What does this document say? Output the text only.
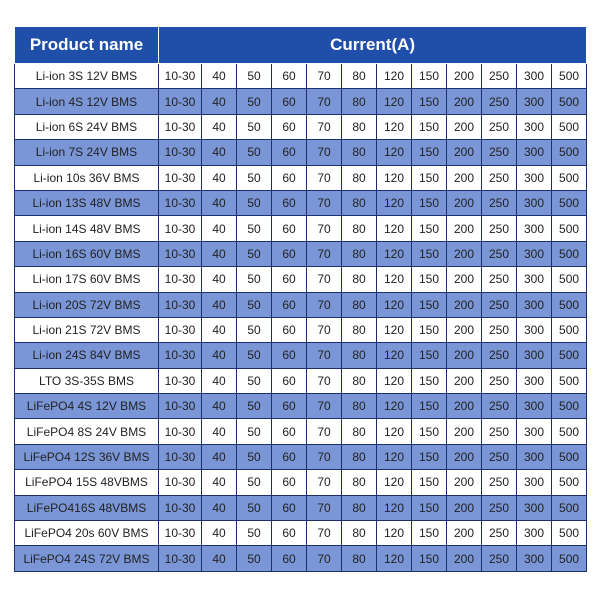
Product name	Current(A)											
Li-ion 3S 12V BMS	10-30	40	50	60	70	80	120	150	200	250	300	500
Li-ion 4S 12V BMS	10-30	40	50	60	70	80	120	150	200	250	300	500
Li-ion 6S 24V BMS	10-30	40	50	60	70	80	120	150	200	250	300	500
Li-ion 7S 24V BMS	10-30	40	50	60	70	80	120	150	200	250	300	500
Li-ion 10s 36V BMS	10-30	40	50	60	70	80	120	150	200	250	300	500
Li-ion 13S 48V BMS	10-30	40	50	60	70	80	120	150	200	250	300	500
Li-ion 14S 48V BMS	10-30	40	50	60	70	80	120	150	200	250	300	500
Li-ion 16S 60V BMS	10-30	40	50	60	70	80	120	150	200	250	300	500
Li-ion 17S 60V BMS	10-30	40	50	60	70	80	120	150	200	250	300	500
Li-ion 20S 72V BMS	10-30	40	50	60	70	80	120	150	200	250	300	500
Li-ion 21S 72V BMS	10-30	40	50	60	70	80	120	150	200	250	300	500
Li-ion 24S 84V BMS	10-30	40	50	60	70	80	120	150	200	250	300	500
LTO 3S-35S BMS	10-30	40	50	60	70	80	120	150	200	250	300	500
LiFePO4 4S 12V BMS	10-30	40	50	60	70	80	120	150	200	250	300	500
LiFePO4 8S 24V BMS	10-30	40	50	60	70	80	120	150	200	250	300	500
LiFePO4 12S 36V BMS	10-30	40	50	60	70	80	120	150	200	250	300	500
LiFePO4 15S 48VBMS	10-30	40	50	60	70	80	120	150	200	250	300	500
LiFePO416S 48VBMS	10-30	40	50	60	70	80	120	150	200	250	300	500
LiFePO4 20s 60V BMS	10-30	40	50	60	70	80	120	150	200	250	300	500
LiFePO4 24S 72V BMS	10-30	40	50	60	70	80	120	150	200	250	300	500
